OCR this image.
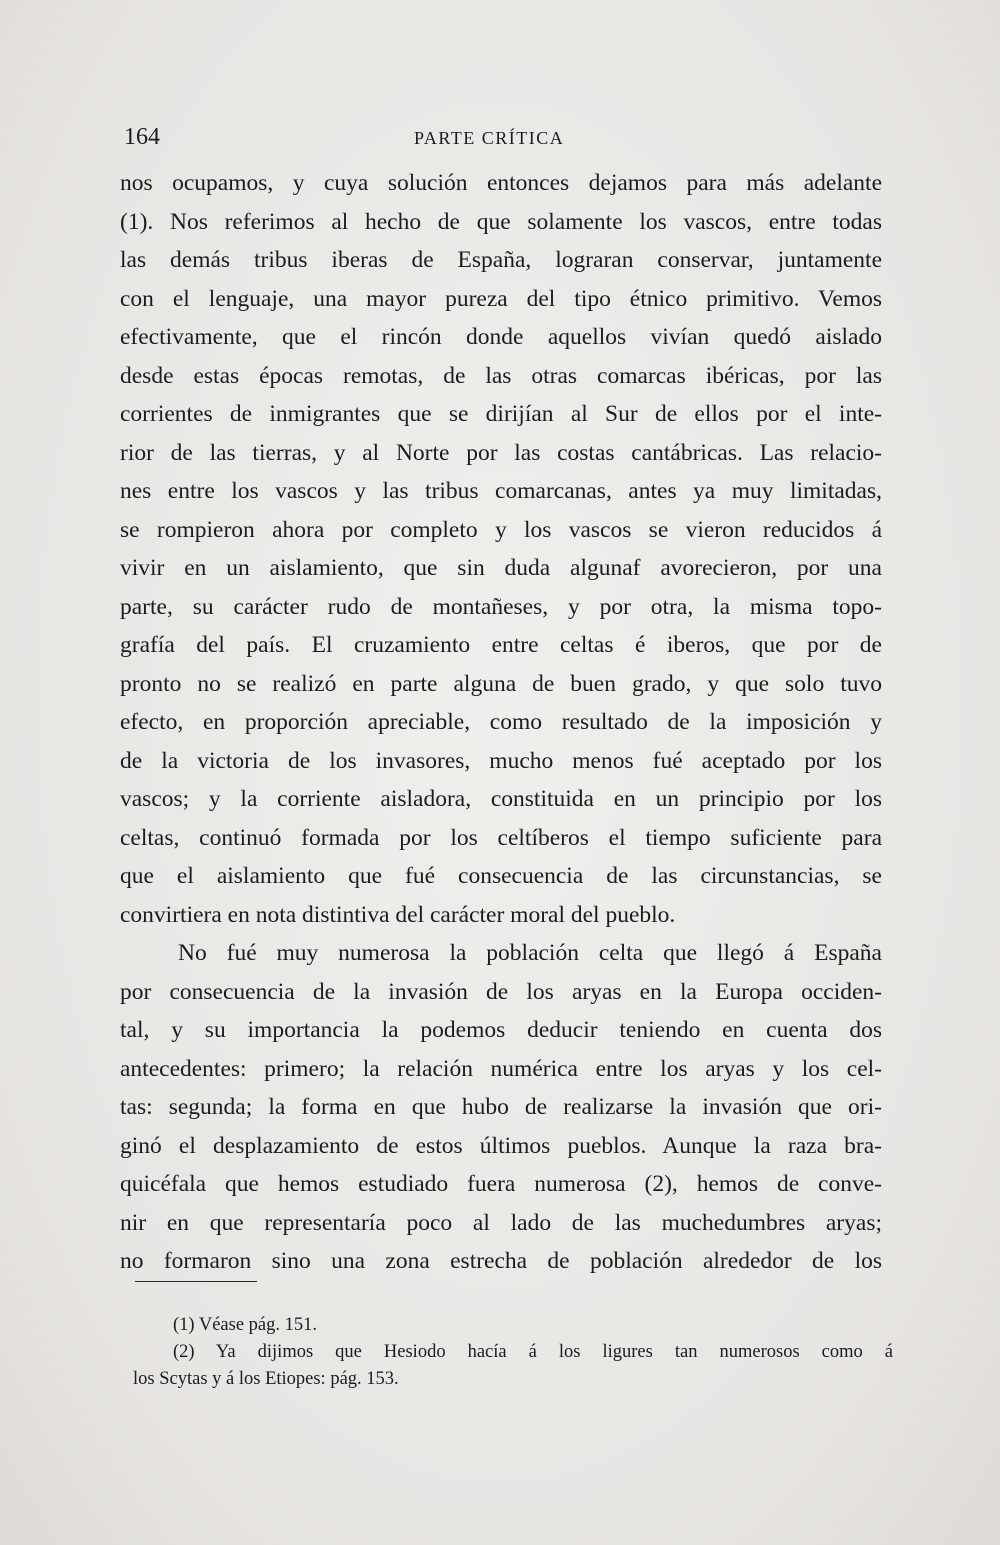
164	PARTE CRÍTICA
nos ocupamos, y cuya solución entonces dejamos para más adelante
(1). Nos referimos al hecho de que solamente los vascos, entre todas
las demás tribus iberas de España, lograran conservar, juntamente
con el lenguaje, una mayor pureza del tipo étnico primitivo. Vemos
efectivamente, que el rincón donde aquellos vivían quedó aislado
desde estas épocas remotas, de las otras comarcas ibéricas, por las
corrientes de inmigrantes que se dirijían al Sur de ellos por el inte-
rior de las tierras, y al Norte por las costas cantábricas. Las relacio-
nes entre los vascos y las tribus comarcanas, antes ya muy limitadas,
se rompieron ahora por completo y los vascos se vieron reducidos á
vivir en un aislamiento, que sin duda algunaf avorecieron, por una
parte, su carácter rudo de montañeses, y por otra, la misma topo-
grafía del país. El cruzamiento entre celtas é iberos, que por de
pronto no se realizó en parte alguna de buen grado, y que solo tuvo
efecto, en proporción apreciable, como resultado de la imposición y
de la victoria de los invasores, mucho menos fué aceptado por los
vascos; y la corriente aisladora, constituida en un principio por los
celtas, continuó formada por los celtíberos el tiempo suficiente para
que el aislamiento que fué consecuencia de las circunstancias, se
convirtiera en nota distintiva del carácter moral del pueblo.
No fué muy numerosa la población celta que llegó á España
por consecuencia de la invasión de los aryas en la Europa occiden-
tal, y su importancia la podemos deducir teniendo en cuenta dos
antecedentes: primero; la relación numérica entre los aryas y los cel-
tas: segunda; la forma en que hubo de realizarse la invasión que ori-
ginó el desplazamiento de estos últimos pueblos. Aunque la raza bra-
quicéfala que hemos estudiado fuera numerosa (2), hemos de conve-
nir en que representaría poco al lado de las muchedumbres aryas;
no formaron sino una zona estrecha de población alrededor de los
(1) Véase pág. 151.
(2) Ya dijimos que Hesiodo hacía á los ligures tan numerosos como á
los Scytas y á los Etiopes: pág. 153.
